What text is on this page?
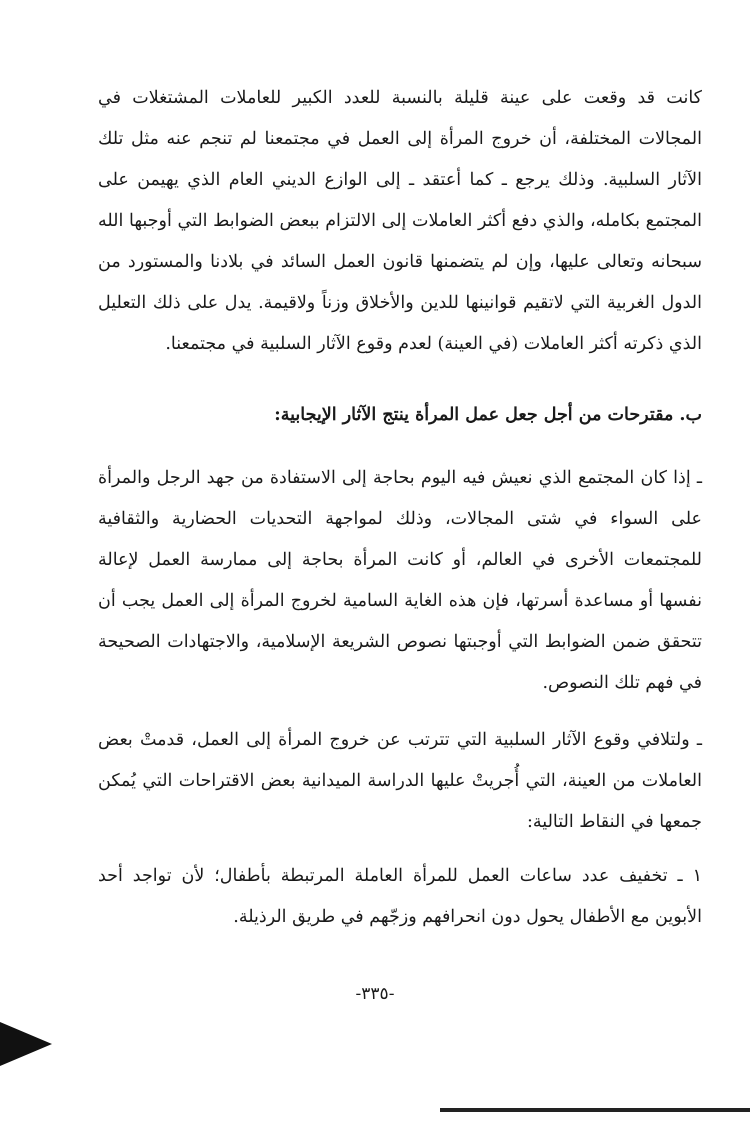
كانت قد وقعت على عينة قليلة بالنسبة للعدد الكبير للعاملات المشتغلات في المجالات المختلفة، أن خروج المرأة إلى العمل في مجتمعنا لم تنجم عنه مثل تلك الآثار السلبية. وذلك يرجع ـ كما أعتقد ـ إلى الوازع الديني العام الذي يهيمن على المجتمع بكامله، والذي دفع أكثر العاملات إلى الالتزام ببعض الضوابط التي أوجبها الله سبحانه وتعالى عليها، وإن لم يتضمنها قانون العمل السائد في بلادنا والمستورد من الدول الغربية التي لاتقيم قوانينها للدين والأخلاق وزناً ولاقيمة. يدل على ذلك التعليل الذي ذكرته أكثر العاملات (في العينة) لعدم وقوع الآثار السلبية في مجتمعنا.

ب. مقترحات من أجل جعل عمل المرأة ينتج الآثار الإيجابية:

ـ إذا كان المجتمع الذي نعيش فيه اليوم بحاجة إلى الاستفادة من جهد الرجل والمرأة على السواء في شتى المجالات، وذلك لمواجهة التحديات الحضارية والثقافية للمجتمعات الأخرى في العالم، أو كانت المرأة بحاجة إلى ممارسة العمل لإعالة نفسها أو مساعدة أسرتها، فإن هذه الغاية السامية لخروج المرأة إلى العمل يجب أن تتحقق ضمن الضوابط التي أوجبتها نصوص الشريعة الإسلامية، والاجتهادات الصحيحة في فهم تلك النصوص.

ـ ولتلافي وقوع الآثار السلبية التي تترتب عن خروج المرأة إلى العمل، قدمتْ بعض العاملات من العينة، التي أُجريتْ عليها الدراسة الميدانية بعض الاقتراحات التي يُمكن جمعها في النقاط التالية:

١ ـ تخفيف عدد ساعات العمل للمرأة العاملة المرتبطة بأطفال؛ لأن تواجد أحد الأبوين مع الأطفال يحول دون انحرافهم وزجّهم في طريق الرذيلة.

-٣٣٥-
